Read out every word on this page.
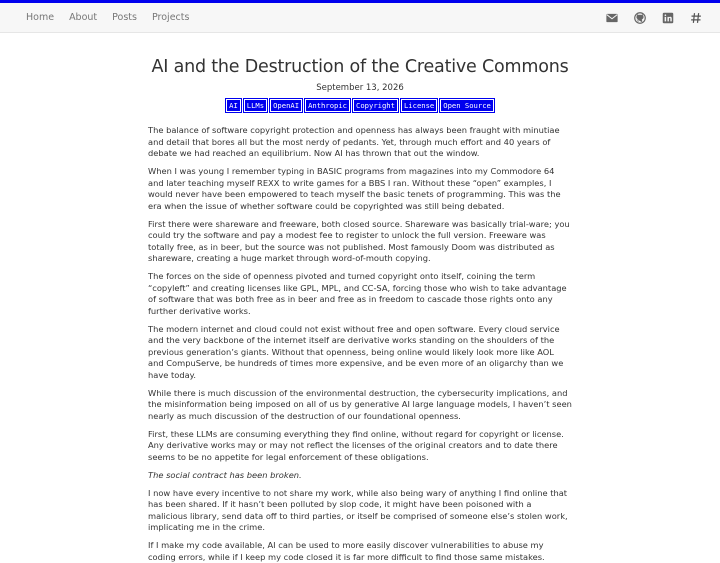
Home About Posts Projects
AI and the Destruction of the Creative Commons
September 13, 2026
AI LLMs OpenAI Anthropic Copyright License Open Source

The balance of software copyright protection and openness has always been fraught with minutiae and detail that bores all but the most nerdy of pedants. Yet, through much effort and 40 years of debate we had reached an equilibrium. Now AI has thrown that out the window.

When I was young I remember typing in BASIC programs from magazines into my Commodore 64 and later teaching myself REXX to write games for a BBS I ran. Without these “open” examples, I would never have been empowered to teach myself the basic tenets of programming. This was the era when the issue of whether software could be copyrighted was still being debated.

First there were shareware and freeware, both closed source. Shareware was basically trial-ware; you could try the software and pay a modest fee to register to unlock the full version. Freeware was totally free, as in beer, but the source was not published. Most famously Doom was distributed as shareware, creating a huge market through word-of-mouth copying.

The forces on the side of openness pivoted and turned copyright onto itself, coining the term “copyleft” and creating licenses like GPL, MPL, and CC-SA, forcing those who wish to take advantage of software that was both free as in beer and free as in freedom to cascade those rights onto any further derivative works.

The modern internet and cloud could not exist without free and open software. Every cloud service and the very backbone of the internet itself are derivative works standing on the shoulders of the previous generation’s giants. Without that openness, being online would likely look more like AOL and CompuServe, be hundreds of times more expensive, and be even more of an oligarchy than we have today.

While there is much discussion of the environmental destruction, the cybersecurity implications, and the misinformation being imposed on all of us by generative AI large language models, I haven’t seen nearly as much discussion of the destruction of our foundational openness.

First, these LLMs are consuming everything they find online, without regard for copyright or license. Any derivative works may or may not reflect the licenses of the original creators and to date there seems to be no appetite for legal enforcement of these obligations.

The social contract has been broken.

I now have every incentive to not share my work, while also being wary of anything I find online that has been shared. If it hasn’t been polluted by slop code, it might have been poisoned with a malicious library, send data off to third parties, or itself be comprised of someone else’s stolen work, implicating me in the crime.

If I make my code available, AI can be used to more easily discover vulnerabilities to abuse my coding errors, while if I keep my code closed it is far more difficult to find those same mistakes.
